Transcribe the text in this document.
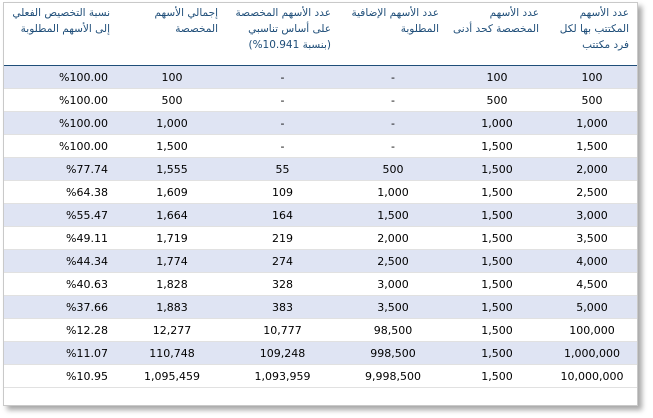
عدد الأسهم المكتتب بها لكل فرد مكتتب	عدد الأسهم المخصصة كحد أدنى	عدد الأسهم الإضافية المطلوبة	عدد الأسهم المخصصة على أساس تناسبي (بنسبة 10.941%)	إجمالي الأسهم المخصصة	نسبة التخصيص الفعلي إلى الأسهم المطلوبة
100	100	-	-	100	%100.00
500	500	-	-	500	%100.00
1,000	1,000	-	-	1,000	%100.00
1,500	1,500	-	-	1,500	%100.00
2,000	1,500	500	55	1,555	%77.74
2,500	1,500	1,000	109	1,609	%64.38
3,000	1,500	1,500	164	1,664	%55.47
3,500	1,500	2,000	219	1,719	%49.11
4,000	1,500	2,500	274	1,774	%44.34
4,500	1,500	3,000	328	1,828	%40.63
5,000	1,500	3,500	383	1,883	%37.66
100,000	1,500	98,500	10,777	12,277	%12.28
1,000,000	1,500	998,500	109,248	110,748	%11.07
10,000,000	1,500	9,998,500	1,093,959	1,095,459	%10.95
